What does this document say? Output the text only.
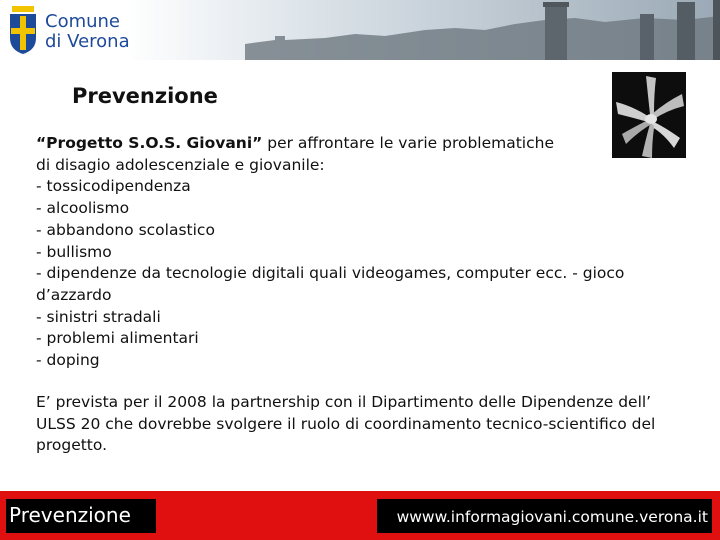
Comune
di Verona
Prevenzione
“Progetto S.O.S. Giovani” per affrontare le varie problematiche
di disagio adolescenziale e giovanile:
- tossicodipendenza
- alcoolismo
- abbandono scolastico
- bullismo
- dipendenze da tecnologie digitali quali videogames, computer ecc. - gioco
d’azzardo
- sinistri stradali
- problemi alimentari
- doping
E’ prevista per il 2008 la partnership con il Dipartimento delle Dipendenze dell’ ULSS 20 che dovrebbe svolgere il ruolo di coordinamento tecnico-scientifico del progetto.
Prevenzione	wwww.informagiovani.comune.verona.it
